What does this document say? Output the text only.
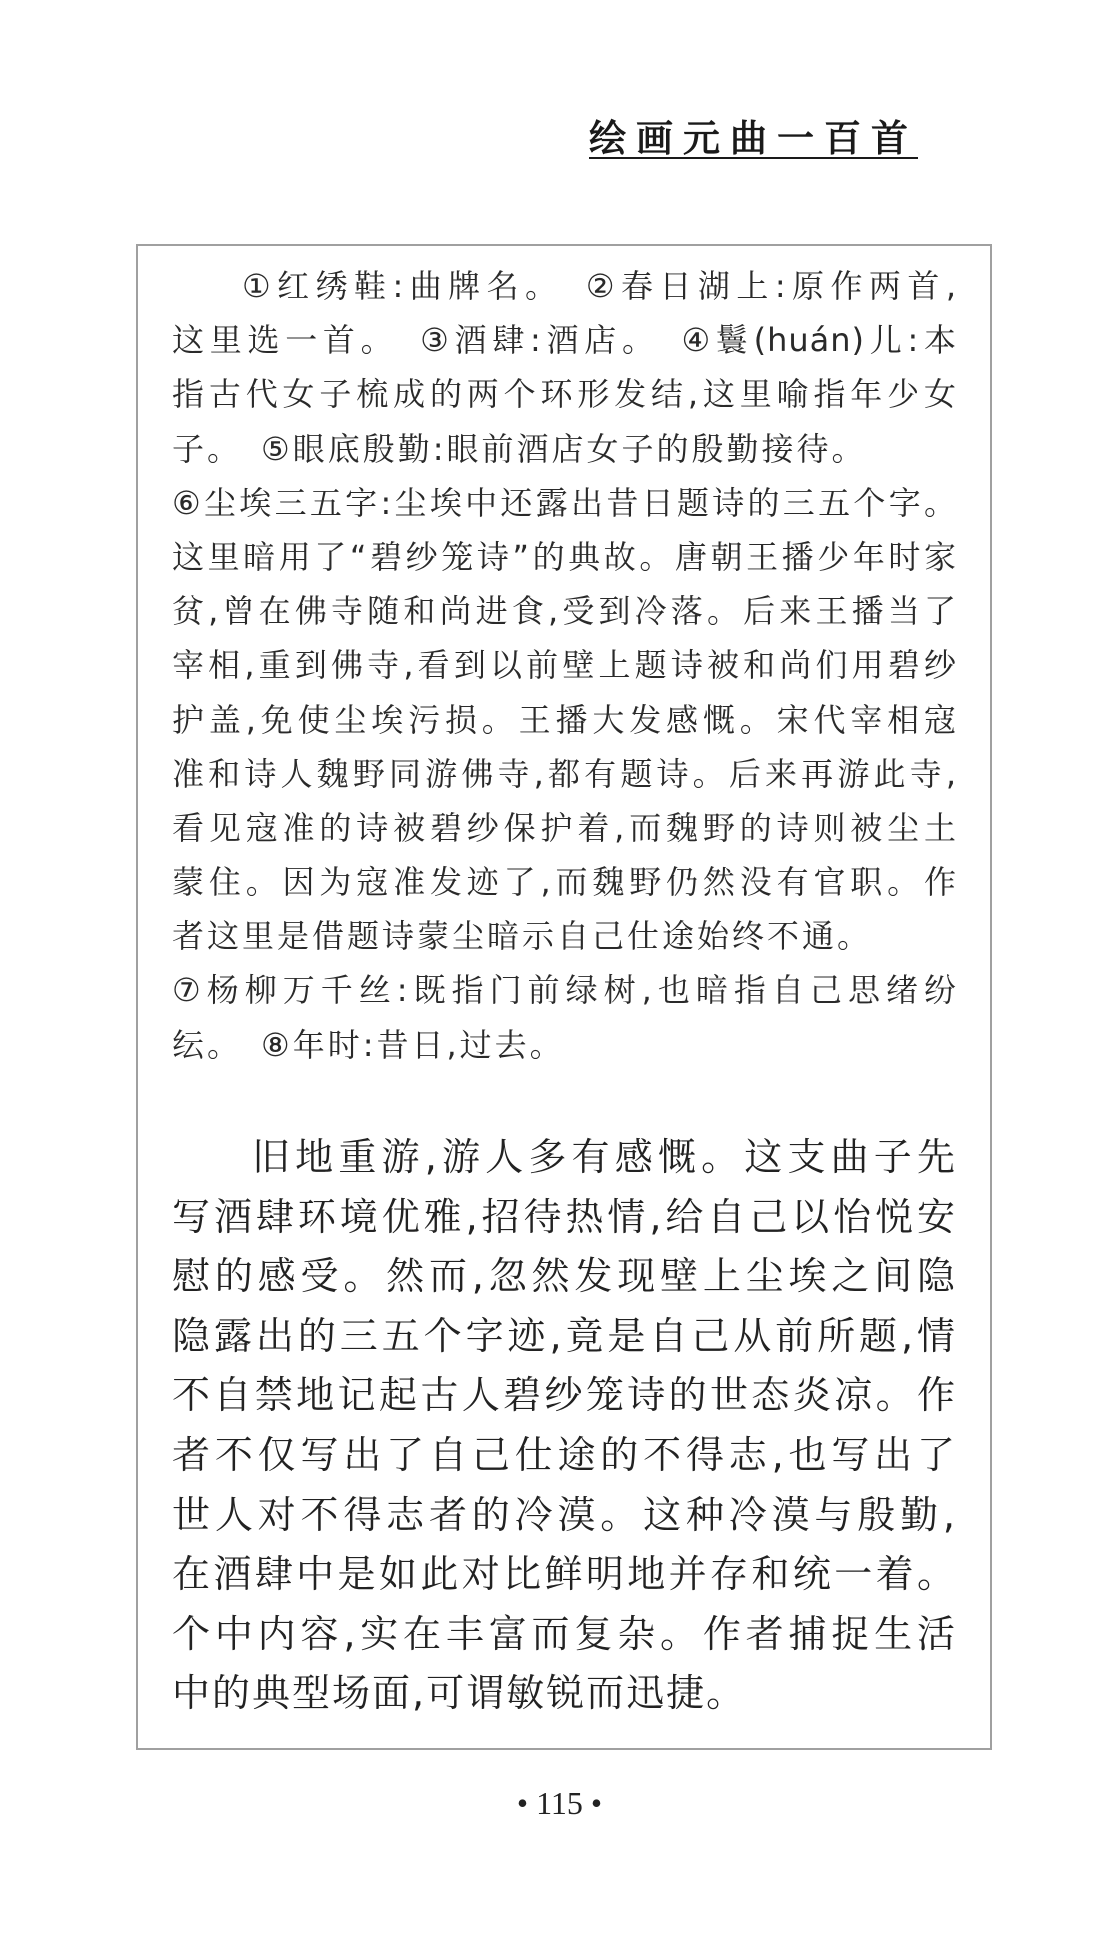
绘画元曲一百首
①红绣鞋:曲牌名。　②春日湖上:原作两首,
这里选一首。　③酒肆:酒店。　④鬟(huán)儿:本
指古代女子梳成的两个环形发结,这里喻指年少女
子。　⑤眼底殷勤:眼前酒店女子的殷勤接待。
⑥尘埃三五字:尘埃中还露出昔日题诗的三五个字。
这里暗用了“碧纱笼诗”的典故。唐朝王播少年时家
贫,曾在佛寺随和尚进食,受到冷落。后来王播当了
宰相,重到佛寺,看到以前壁上题诗被和尚们用碧纱
护盖,免使尘埃污损。王播大发感慨。宋代宰相寇
准和诗人魏野同游佛寺,都有题诗。后来再游此寺,
看见寇准的诗被碧纱保护着,而魏野的诗则被尘土
蒙住。因为寇准发迹了,而魏野仍然没有官职。作
者这里是借题诗蒙尘暗示自己仕途始终不通。
⑦杨柳万千丝:既指门前绿树,也暗指自己思绪纷
纭。　⑧年时:昔日,过去。
旧地重游,游人多有感慨。这支曲子先
写酒肆环境优雅,招待热情,给自己以怡悦安
慰的感受。然而,忽然发现壁上尘埃之间隐
隐露出的三五个字迹,竟是自己从前所题,情
不自禁地记起古人碧纱笼诗的世态炎凉。作
者不仅写出了自己仕途的不得志,也写出了
世人对不得志者的冷漠。这种冷漠与殷勤,
在酒肆中是如此对比鲜明地并存和统一着。
个中内容,实在丰富而复杂。作者捕捉生活
中的典型场面,可谓敏锐而迅捷。
• 115 •
